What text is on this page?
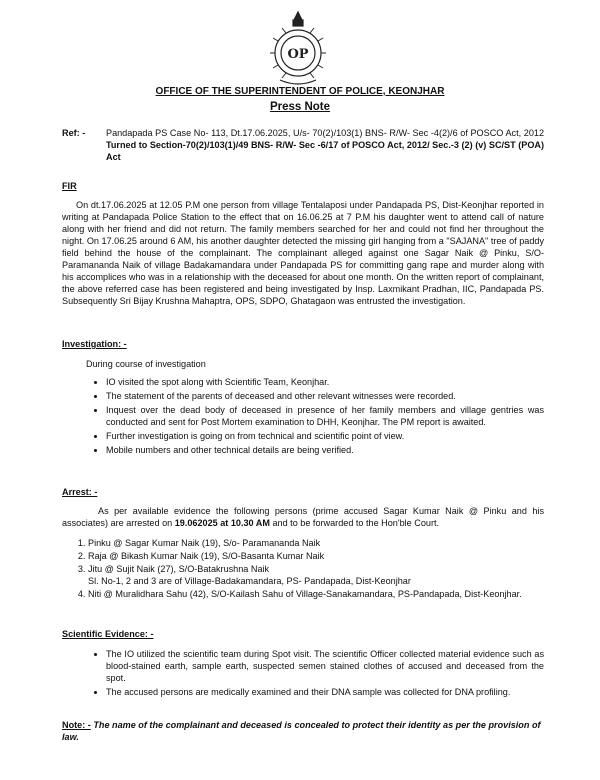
OP
OFFICE OF THE SUPERINTENDENT OF POLICE, KEONJHAR
Press Note
Ref: - Pandapada PS Case No- 113, Dt.17.06.2025, U/s- 70(2)/103(1) BNS- R/W- Sec -4(2)/6 of POSCO Act, 2012 Turned to Section-70(2)/103(1)/49 BNS- R/W- Sec -6/17 of POSCO Act, 2012/ Sec.-3 (2) (v) SC/ST (POA) Act
FIR

On dt.17.06.2025 at 12.05 P.M one person from village Tentalaposi under Pandapada PS, Dist-Keonjhar reported in writing at Pandapada Police Station to the effect that on 16.06.25 at 7 P.M his daughter went to attend call of nature along with her friend and did not return. The family members searched for her and could not find her throughout the night. On 17.06.25 around 6 AM, his another daughter detected the missing girl hanging from a "SAJANA" tree of paddy field behind the house of the complainant. The complainant alleged against one Sagar Naik @ Pinku, S/O- Paramananda Naik of village Badakamandara under Pandapada PS for committing gang rape and murder along with his accomplices who was in a relationship with the deceased for about one month. On the written report of complainant, the above referred case has been registered and being investigated by Insp. Laxmikant Pradhan, IIC, Pandapada PS. Subsequently Sri Bijay Krushna Mahaptra, OPS, SDPO, Ghatagaon was entrusted the investigation.

Investigation: -
During course of investigation
• IO visited the spot along with Scientific Team, Keonjhar.
• The statement of the parents of deceased and other relevant witnesses were recorded.
• Inquest over the dead body of deceased in presence of her family members and village gentries was conducted and sent for Post Mortem examination to DHH, Keonjhar. The PM report is awaited.
• Further investigation is going on from technical and scientific point of view.
• Mobile numbers and other technical details are being verified.
Arrest: -

As per available evidence the following persons (prime accused Sagar Kumar Naik @ Pinku and his associates) are arrested on 19.062025 at 10.30 AM and to be forwarded to the Hon'ble Court.

1. Pinku @ Sagar Kumar Naik (19), S/o- Paramananda Naik
2. Raja @ Bikash Kumar Naik (19), S/O-Basanta Kumar Naik
3. Jitu @ Sujit Naik (27), S/O-Batakrushna Naik
Sl. No-1, 2 and 3 are of Village-Badakamandara, PS- Pandapada, Dist-Keonjhar
4. Niti @ Muralidhara Sahu (42), S/O-Kailash Sahu of Village-Sanakamandara, PS-Pandapada, Dist-Keonjhar.
Scientific Evidence: -
• The IO utilized the scientific team during Spot visit. The scientific Officer collected material evidence such as blood-stained earth, sample earth, suspected semen stained clothes of accused and deceased from the spot.
• The accused persons are medically examined and their DNA sample was collected for DNA profiling.
Note: - The name of the complainant and deceased is concealed to protect their identity as per the provision of law.
